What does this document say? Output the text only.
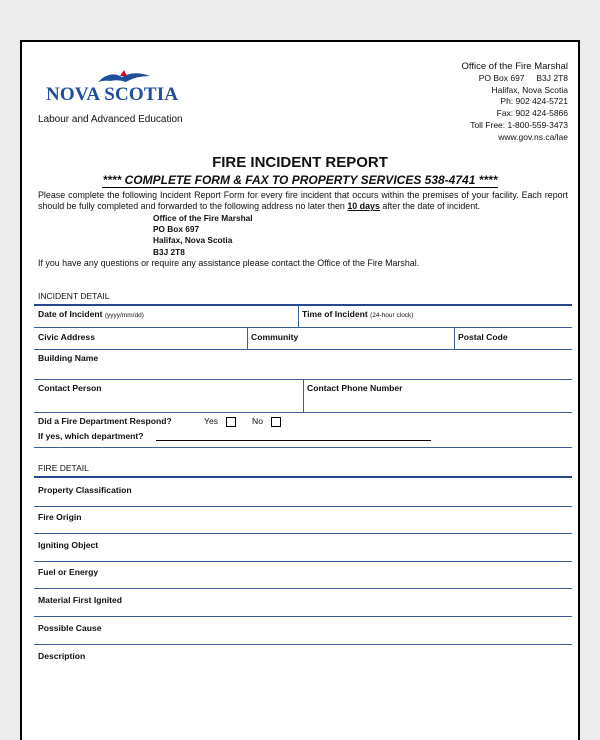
NOVA SCOTIA
Labour and Advanced Education
Office of the Fire Marshal
PO Box 697     B3J 2T8
Halifax, Nova Scotia
Ph: 902 424-5721
Fax: 902 424-5866
Toll Free: 1-800-559-3473
www.gov.ns.ca/lae
FIRE INCIDENT REPORT
**** COMPLETE FORM & FAX TO PROPERTY SERVICES 538-4741 ****
Please complete the following Incident Report Form for every fire incident that occurs within the premises of your facility. Each report should be fully completed and forwarded to the following address no later then 10 days after the date of incident.
Office of the Fire Marshal
PO Box 697
Halifax, Nova Scotia
B3J 2T8
If you have any questions or require any assistance please contact the Office of the Fire Marshal.
INCIDENT DETAIL
Date of Incident (yyyy/mm/dd)	Time of Incident (24-hour clock)
Civic Address	Community	Postal Code
Building Name
Contact Person	Contact Phone Number
Did a Fire Department Respond?	Yes	No
If yes, which department?
FIRE DETAIL
Property Classification
Fire Origin
Igniting Object
Fuel or Energy
Material First Ignited
Possible Cause
Description
